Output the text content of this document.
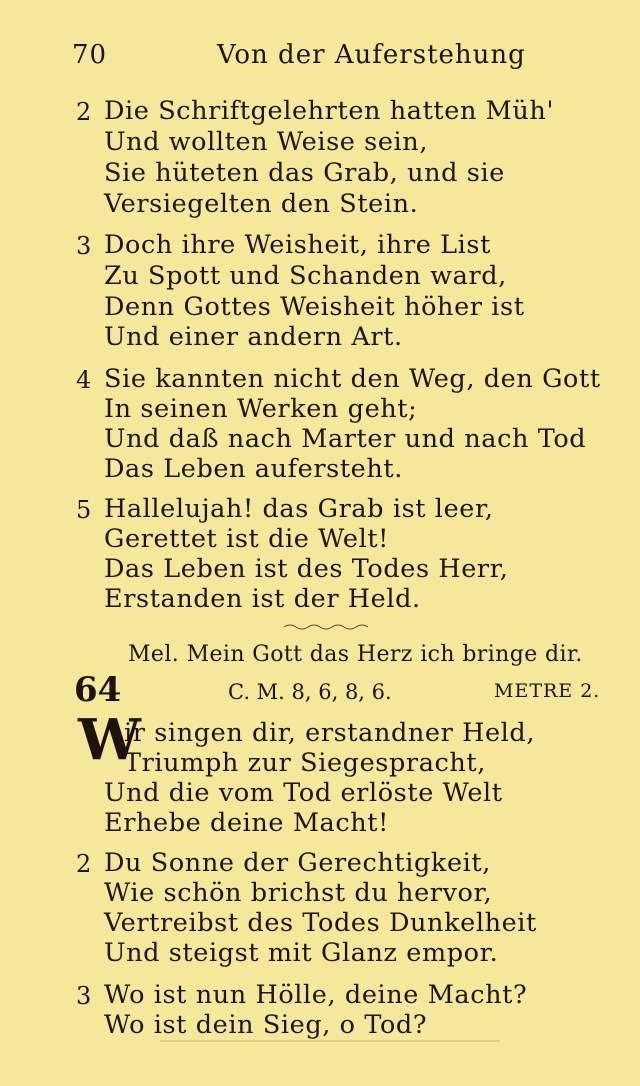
70	Von der Auferstehung
2 Die Schriftgelehrten hatten Müh'
Und wollten Weise sein,
Sie hüteten das Grab, und sie
Versiegelten den Stein.
3 Doch ihre Weisheit, ihre List
Zu Spott und Schanden ward,
Denn Gottes Weisheit höher ist
Und einer andern Art.
4 Sie kannten nicht den Weg, den Gott
In seinen Werken geht;
Und daß nach Marter und nach Tod
Das Leben aufersteht.
5 Hallelujah! das Grab ist leer,
Gerettet ist die Welt!
Das Leben ist des Todes Herr,
Erstanden ist der Held.
Mel. Mein Gott das Herz ich bringe dir.
64	C. M. 8, 6, 8, 6.	METRE 2.
W
ir singen dir, erstandner Held,
Triumph zur Siegespracht,
Und die vom Tod erlöste Welt
Erhebe deine Macht!
2 Du Sonne der Gerechtigkeit,
Wie schön brichst du hervor,
Vertreibst des Todes Dunkelheit
Und steigst mit Glanz empor.
3 Wo ist nun Hölle, deine Macht?
Wo ist dein Sieg, o Tod?
